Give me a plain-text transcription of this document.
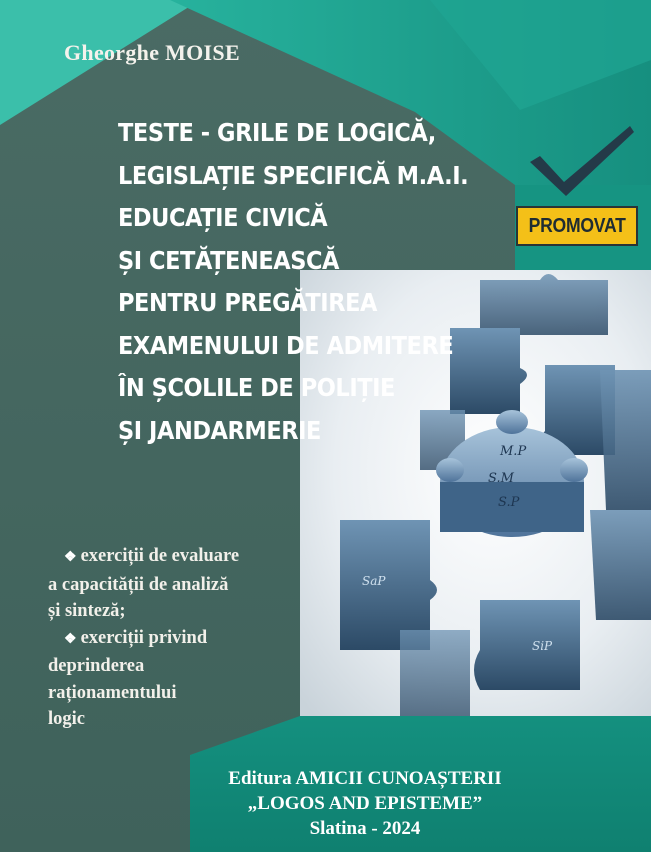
M.P
S.M
S.P
SaP
SiP
PROMOVAT
Gheorghe MOISE
TESTE - GRILE DE LOGICĂ,
LEGISLAȚIE SPECIFICĂ M.A.I.
EDUCAȚIE CIVICĂ
ȘI CETĂȚENEASCĂ
PENTRU PREGĂTIREA
EXAMENULUI DE ADMITERE
ÎN ȘCOLILE DE POLIȚIE
ȘI JANDARMERIE
❖ exerciții de evaluare
a capacității de analiză
și sinteză;
❖ exerciții privind
deprinderea
raționamentului
logic
Editura AMICII CUNOAȘTERII
„LOGOS AND EPISTEME”
Slatina - 2024
